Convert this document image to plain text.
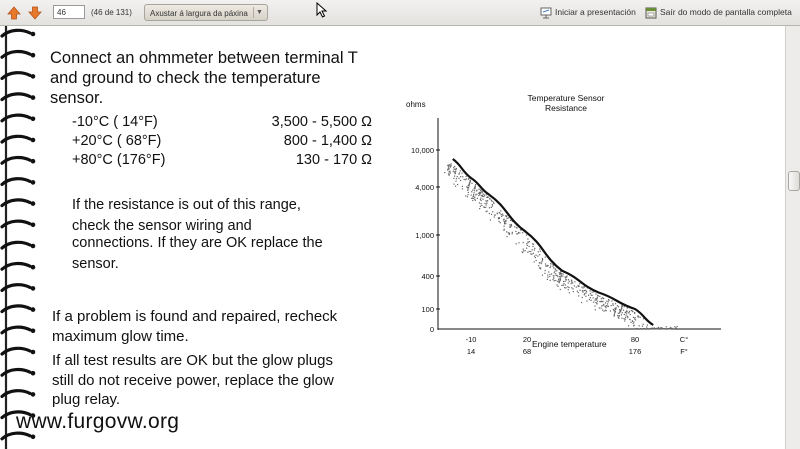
46	(46 de 131) Axustar á largura da páxina	▼	Iniciar a presentación	Saír do modo de pantalla completa
Connect an ohmmeter between terminal T
and ground to check the temperature
sensor.
-10°C ( 14°F)	3,500 - 5,500 Ω
+20°C ( 68°F)	800 - 1,400 Ω
+80°C (176°F)	130 - 170 Ω
If the resistance is out of this range,
check the sensor wiring and
connections. If they are OK replace the
sensor.
If a problem is found and repaired, recheck
maximum glow time.
If all test results are OK but the glow plugs
still do not receive power, replace the glow
plug relay.
Temperature Sensor
Resistance
ohms
10,000
4,000
1,000
400
100
0
-10	20	80	C°
14	68	176	F°
Engine temperature
www.furgovw.org
